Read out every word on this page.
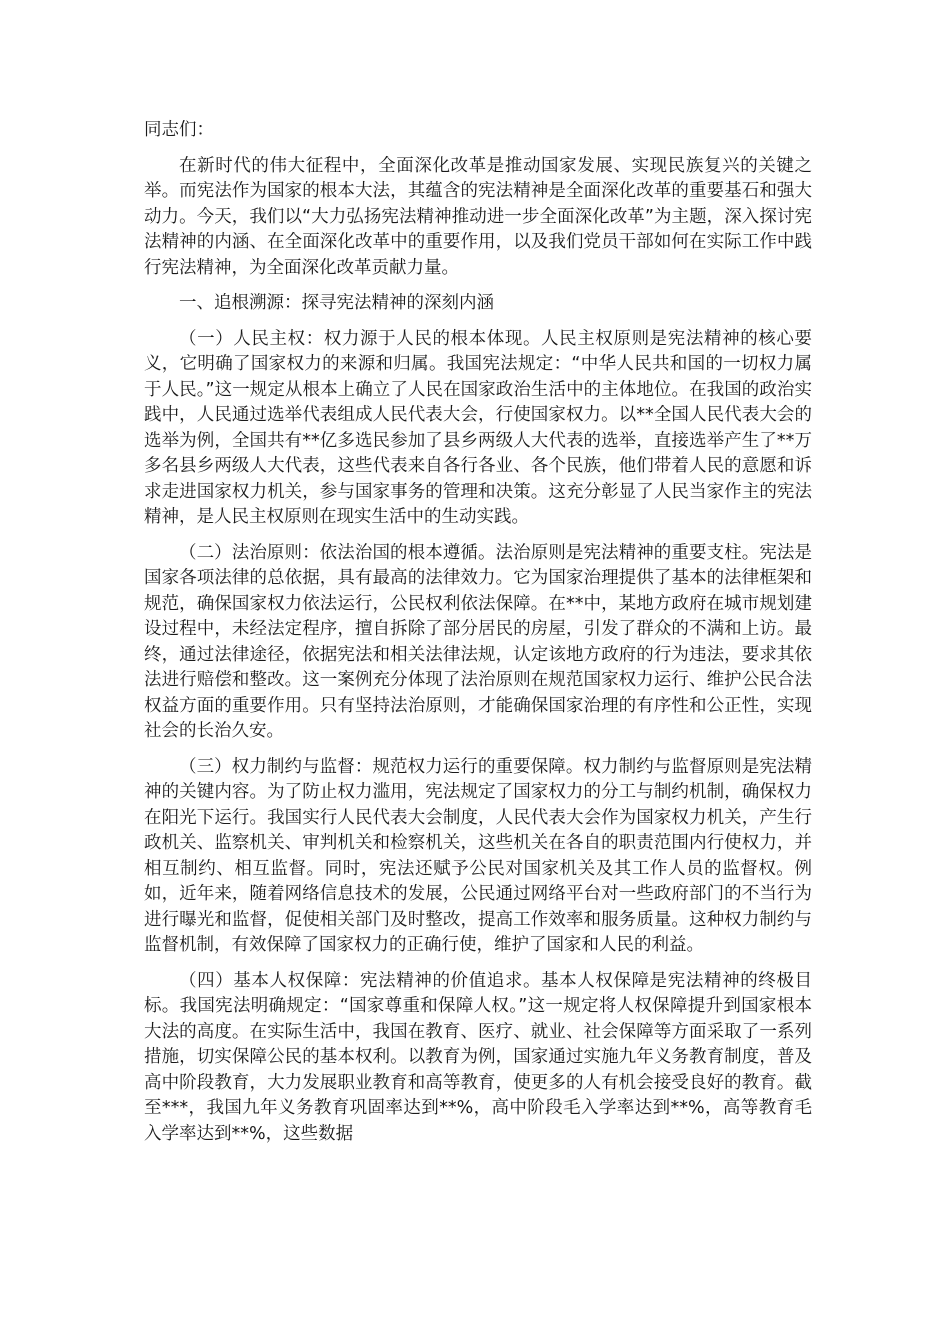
同志们：

在新时代的伟大征程中，全面深化改革是推动国家发展、实现民族复兴的关键之举。而宪法作为国家的根本大法，其蕴含的宪法精神是全面深化改革的重要基石和强大动力。今天，我们以“大力弘扬宪法精神推动进一步全面深化改革”为主题，深入探讨宪法精神的内涵、在全面深化改革中的重要作用，以及我们党员干部如何在实际工作中践行宪法精神，为全面深化改革贡献力量。

一、追根溯源：探寻宪法精神的深刻内涵

（一）人民主权：权力源于人民的根本体现。人民主权原则是宪法精神的核心要义，它明确了国家权力的来源和归属。我国宪法规定：“中华人民共和国的一切权力属于人民。”这一规定从根本上确立了人民在国家政治生活中的主体地位。在我国的政治实践中，人民通过选举代表组成人民代表大会，行使国家权力。以**全国人民代表大会的选举为例，全国共有**亿多选民参加了县乡两级人大代表的选举，直接选举产生了**万多名县乡两级人大代表，这些代表来自各行各业、各个民族，他们带着人民的意愿和诉求走进国家权力机关，参与国家事务的管理和决策。这充分彰显了人民当家作主的宪法精神，是人民主权原则在现实生活中的生动实践。

（二）法治原则：依法治国的根本遵循。法治原则是宪法精神的重要支柱。宪法是国家各项法律的总依据，具有最高的法律效力。它为国家治理提供了基本的法律框架和规范，确保国家权力依法运行，公民权利依法保障。在**中，某地方政府在城市规划建设过程中，未经法定程序，擅自拆除了部分居民的房屋，引发了群众的不满和上访。最终，通过法律途径，依据宪法和相关法律法规，认定该地方政府的行为违法，要求其依法进行赔偿和整改。这一案例充分体现了法治原则在规范国家权力运行、维护公民合法权益方面的重要作用。只有坚持法治原则，才能确保国家治理的有序性和公正性，实现社会的长治久安。

（三）权力制约与监督：规范权力运行的重要保障。权力制约与监督原则是宪法精神的关键内容。为了防止权力滥用，宪法规定了国家权力的分工与制约机制，确保权力在阳光下运行。我国实行人民代表大会制度，人民代表大会作为国家权力机关，产生行政机关、监察机关、审判机关和检察机关，这些机关在各自的职责范围内行使权力，并相互制约、相互监督。同时，宪法还赋予公民对国家机关及其工作人员的监督权。例如，近年来，随着网络信息技术的发展，公民通过网络平台对一些政府部门的不当行为进行曝光和监督，促使相关部门及时整改，提高工作效率和服务质量。这种权力制约与监督机制，有效保障了国家权力的正确行使，维护了国家和人民的利益。

（四）基本人权保障：宪法精神的价值追求。基本人权保障是宪法精神的终极目标。我国宪法明确规定：“国家尊重和保障人权。”这一规定将人权保障提升到国家根本大法的高度。在实际生活中，我国在教育、医疗、就业、社会保障等方面采取了一系列措施，切实保障公民的基本权利。以教育为例，国家通过实施九年义务教育制度，普及高中阶段教育，大力发展职业教育和高等教育，使更多的人有机会接受良好的教育。截至***，我国九年义务教育巩固率达到**%，高中阶段毛入学率达到**%，高等教育毛入学率达到**%，这些数据
